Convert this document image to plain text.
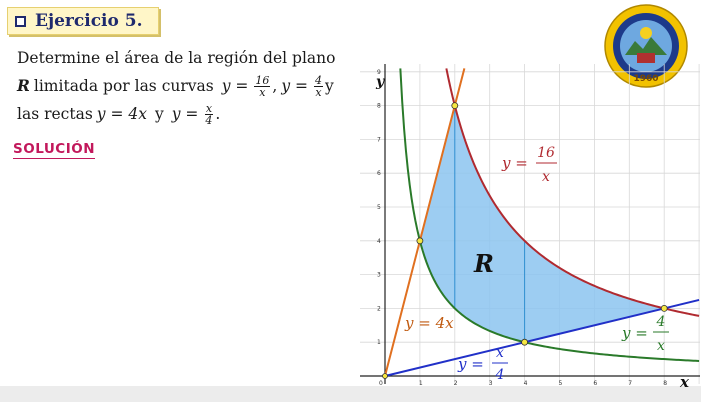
Ejercicio 5.
Determine el área de la región del plano
R limitada por las curvas $y = \frac{16}{x}$ , $y = \frac{4}{x}$ y
las rectas y = 4x y $y = \frac{x}{4}$ .
SOLUCIÓN
1960
0	1	2	3	4	5	6	7	8
1
2
3
4
5
6
7
8
9
y
x
R
y =
16
x
y =
4
x
y = 4x
y =
x
4
